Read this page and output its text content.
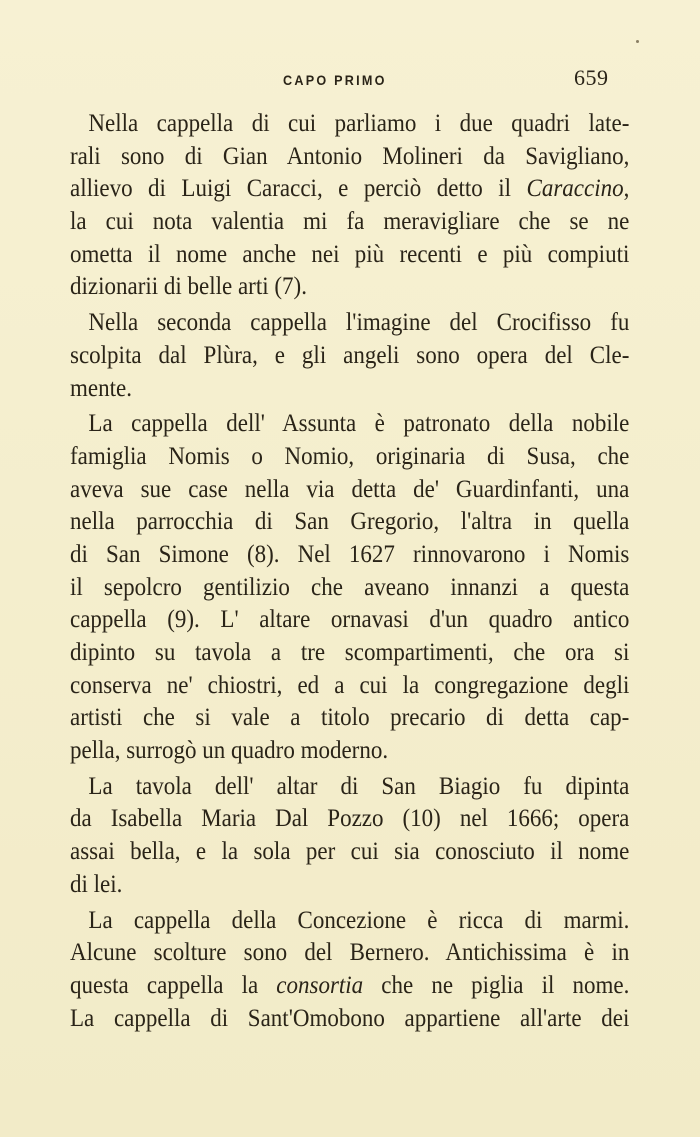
CAPO PRIMO	659
Nella cappella di cui parliamo i due quadri late-
rali sono di Gian Antonio Molineri da Savigliano,
allievo di Luigi Caracci, e perciò detto il Caraccino,
la cui nota valentia mi fa meravigliare che se ne
ometta il nome anche nei più recenti e più compiuti
dizionarii di belle arti (7).
Nella seconda cappella l'imagine del Crocifisso fu
scolpita dal Plùra, e gli angeli sono opera del Cle-
mente.
La cappella dell' Assunta è patronato della nobile
famiglia Nomis o Nomio, originaria di Susa, che
aveva sue case nella via detta de' Guardinfanti, una
nella parrocchia di San Gregorio, l'altra in quella
di San Simone (8). Nel 1627 rinnovarono i Nomis
il sepolcro gentilizio che aveano innanzi a questa
cappella (9). L' altare ornavasi d'un quadro antico
dipinto su tavola a tre scompartimenti, che ora si
conserva ne' chiostri, ed a cui la congregazione degli
artisti che si vale a titolo precario di detta cap-
pella, surrogò un quadro moderno.
La tavola dell' altar di San Biagio fu dipinta
da Isabella Maria Dal Pozzo (10) nel 1666; opera
assai bella, e la sola per cui sia conosciuto il nome
di lei.
La cappella della Concezione è ricca di marmi.
Alcune scolture sono del Bernero. Antichissima è in
questa cappella la consortia che ne piglia il nome.
La cappella di Sant'Omobono appartiene all'arte dei
